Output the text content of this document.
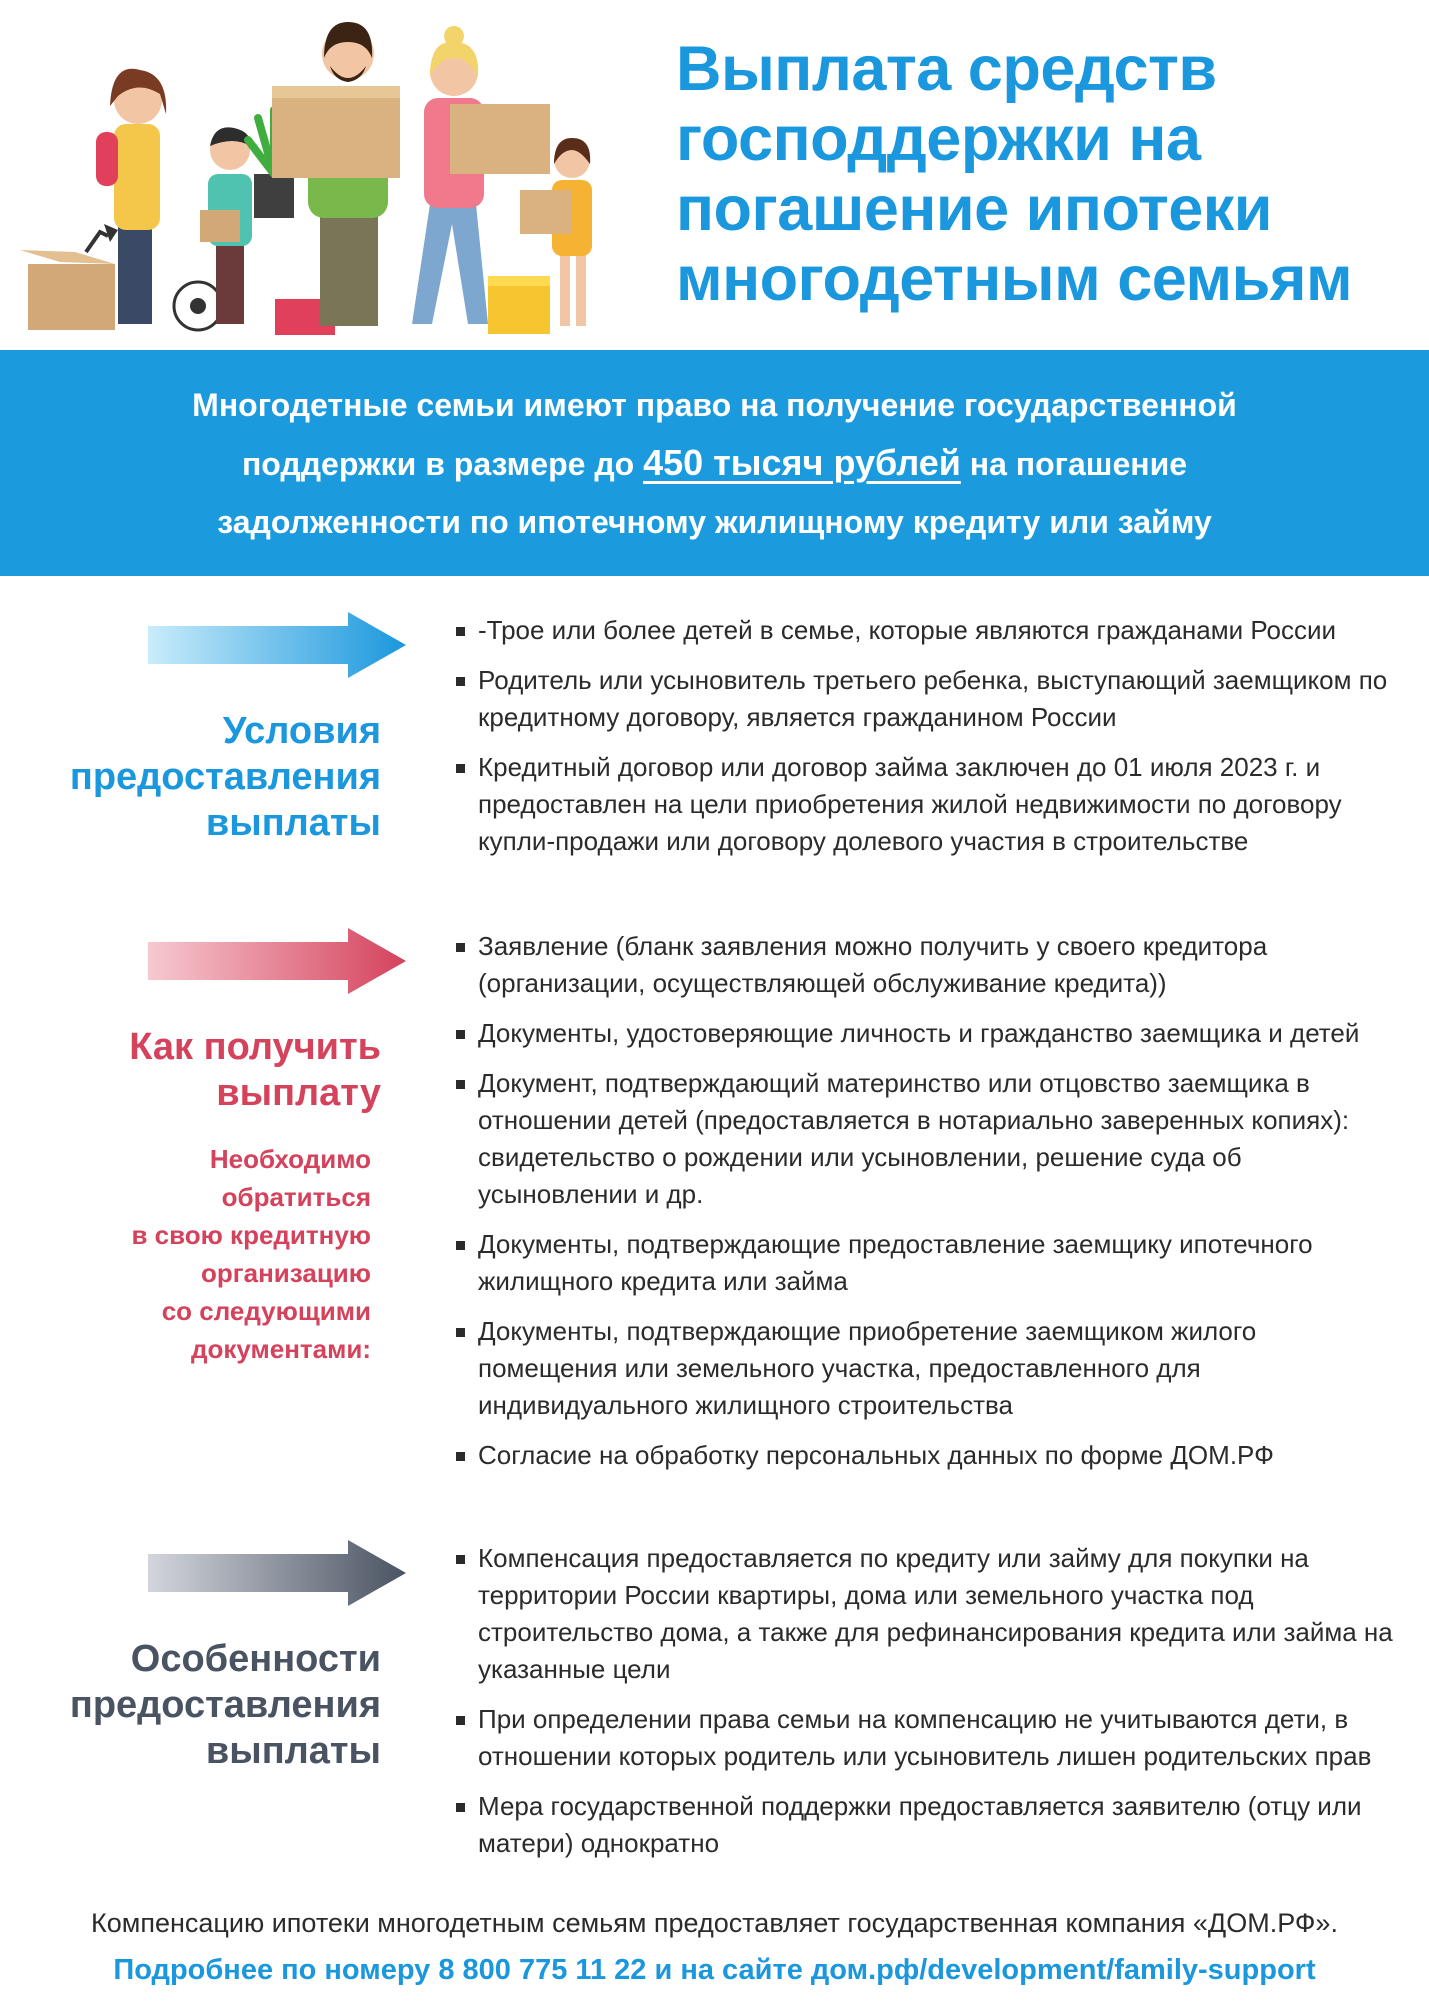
Выплата средств
господдержки на
погашение ипотеки
многодетным семьям
Многодетные семьи имеют право на получение государственной
поддержки в размере до 450 тысяч рублей на погашение
задолженности по ипотечному жилищному кредиту или займу
Условия
предоставления
выплаты
-Трое или более детей в семье, которые являются гражданами России
Родитель или усыновитель третьего ребенка, выступающий заемщиком по кредитному договору, является гражданином России
Кредитный договор или договор займа заключен до 01 июля 2023 г. и предоставлен на цели приобретения жилой недвижимости по договору купли-продажи или договору долевого участия в строительстве
Как получить
выплату
Необходимо
обратиться
в свою кредитную
организацию
со следующими
документами:
Заявление (бланк заявления можно получить у своего кредитора (организации, осуществляющей обслуживание кредита))
Документы, удостоверяющие личность и гражданство заемщика и детей
Документ, подтверждающий материнство или отцовство заемщика в отношении детей (предоставляется в нотариально заверенных копиях): свидетельство о рождении или усыновлении, решение суда об усыновлении и др.
Документы, подтверждающие предоставление заемщику ипотечного жилищного кредита или займа
Документы, подтверждающие приобретение заемщиком жилого помещения или земельного участка, предоставленного для индивидуального жилищного строительства
Согласие на обработку персональных данных по форме ДОМ.РФ
Особенности
предоставления
выплаты
Компенсация предоставляется по кредиту или займу для покупки на территории России квартиры, дома или земельного участка под строительство дома, а также для рефинансирования кредита или займа на указанные цели
При определении права семьи на компенсацию не учитываются дети, в отношении которых родитель или усыновитель лишен родительских прав
Мера государственной поддержки предоставляется заявителю (отцу или матери) однократно
Компенсацию ипотеки многодетным семьям предоставляет государственная компания «ДОМ.РФ».
Подробнее по номеру 8 800 775 11 22 и на сайте дом.рф/development/family-support
